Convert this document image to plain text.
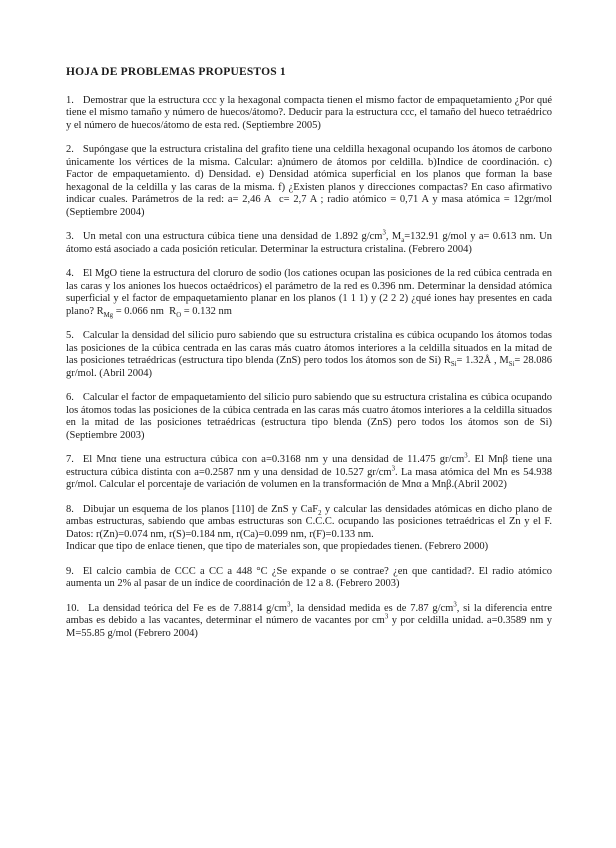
HOJA DE PROBLEMAS PROPUESTOS 1

1. Demostrar que la estructura ccc y la hexagonal compacta tienen el mismo factor de empaquetamiento ¿Por qué tiene el mismo tamaño y número de huecos/átomo?. Deducir para la estructura ccc, el tamaño del hueco tetraédrico y el número de huecos/átomo de esta red. (Septiembre 2005)

2. Supóngase que la estructura cristalina del grafito tiene una celdilla hexagonal ocupando los átomos de carbono únicamente los vértices de la misma. Calcular: a)número de átomos por celdilla. b)Indice de coordinación. c) Factor de empaquetamiento. d) Densidad. e) Densidad atómica superficial en los planos que forman la base hexagonal de la celdilla y las caras de la misma. f) ¿Existen planos y direcciones compactas? En caso afirmativo indicar cuales. Parámetros de la red: a= 2,46 A  c= 2,7 A ; radio atómico = 0,71 A y masa atómica = 12gr/mol (Septiembre 2004)

3. Un metal con una estructura cúbica tiene una densidad de 1.892 $g/cm^3$, $M_a=132.91$ g/mol y a= 0.613 nm. Un átomo está asociado a cada posición reticular. Determinar la estructura cristalina. (Febrero 2004)

4. El MgO tiene la estructura del cloruro de sodio (los cationes ocupan las posiciones de la red cúbica centrada en las caras y los aniones los huecos octaédricos) el parámetro de la red es 0.396 nm. Determinar la densidad atómica superficial y el factor de empaquetamiento planar en los planos (1 1 1) y (2 2 2) ¿qué iones hay presentes en cada plano? $R_{Mg} = 0.066$ nm  $R_O = 0.132$ nm

5. Calcular la densidad del silicio puro sabiendo que su estructura cristalina es cúbica ocupando los átomos todas las posiciones de la cúbica centrada en las caras más cuatro átomos interiores a la celdilla situados en la mitad de las posiciones tetraédricas (estructura tipo blenda (ZnS) pero todos los átomos son de Si) $R_{Si}=$ 1.32Å , $M_{Si}= 28.086$ gr/mol. (Abril 2004)

6. Calcular el factor de empaquetamiento del silicio puro sabiendo que su estructura cristalina es cúbica ocupando los átomos todas las posiciones de la cúbica centrada en las caras más cuatro átomos interiores a la celdilla situados en la mitad de las posiciones tetraédricas (estructura tipo blenda (ZnS) pero todos los átomos son de Si) (Septiembre 2003)

7. El Mnα tiene una estructura cúbica con a=0.3168 nm y una densidad de 11.475 $gr/cm^3$. El Mnβ tiene una estructura cúbica distinta con a=0.2587 nm y una densidad de 10.527 $gr/cm^3$. La masa atómica del Mn es 54.938 gr/mol. Calcular el porcentaje de variación de volumen en la transformación de Mnα a Mnβ.(Abril 2002)

8. Dibujar un esquema de los planos [110] de ZnS y CaF$_2$ y calcular las densidades atómicas en dicho plano de ambas estructuras, sabiendo que ambas estructuras son C.C.C. ocupando las posiciones tetraédricas el Zn y el F. Datos: r(Zn)=0.074 nm, r(S)=0.184 nm, r(Ca)=0.099 nm, r(F)=0.133 nm.
Indicar que tipo de enlace tienen, que tipo de materiales son, que propiedades tienen. (Febrero 2000)

9. El calcio cambia de CCC a CC a 448 °C ¿Se expande o se contrae? ¿en que cantidad?. El radio atómico aumenta un 2% al pasar de un índice de coordinación de 12 a 8. (Febrero 2003)

10. La densidad teórica del Fe es de 7.8814 $g/cm^3$, la densidad medida es de 7.87 $g/cm^3$, si la diferencia entre ambas es debido a las vacantes, determinar el número de vacantes por $cm^3$ y por celdilla unidad. a=0.3589 nm y M=55.85 g/mol (Febrero 2004)
